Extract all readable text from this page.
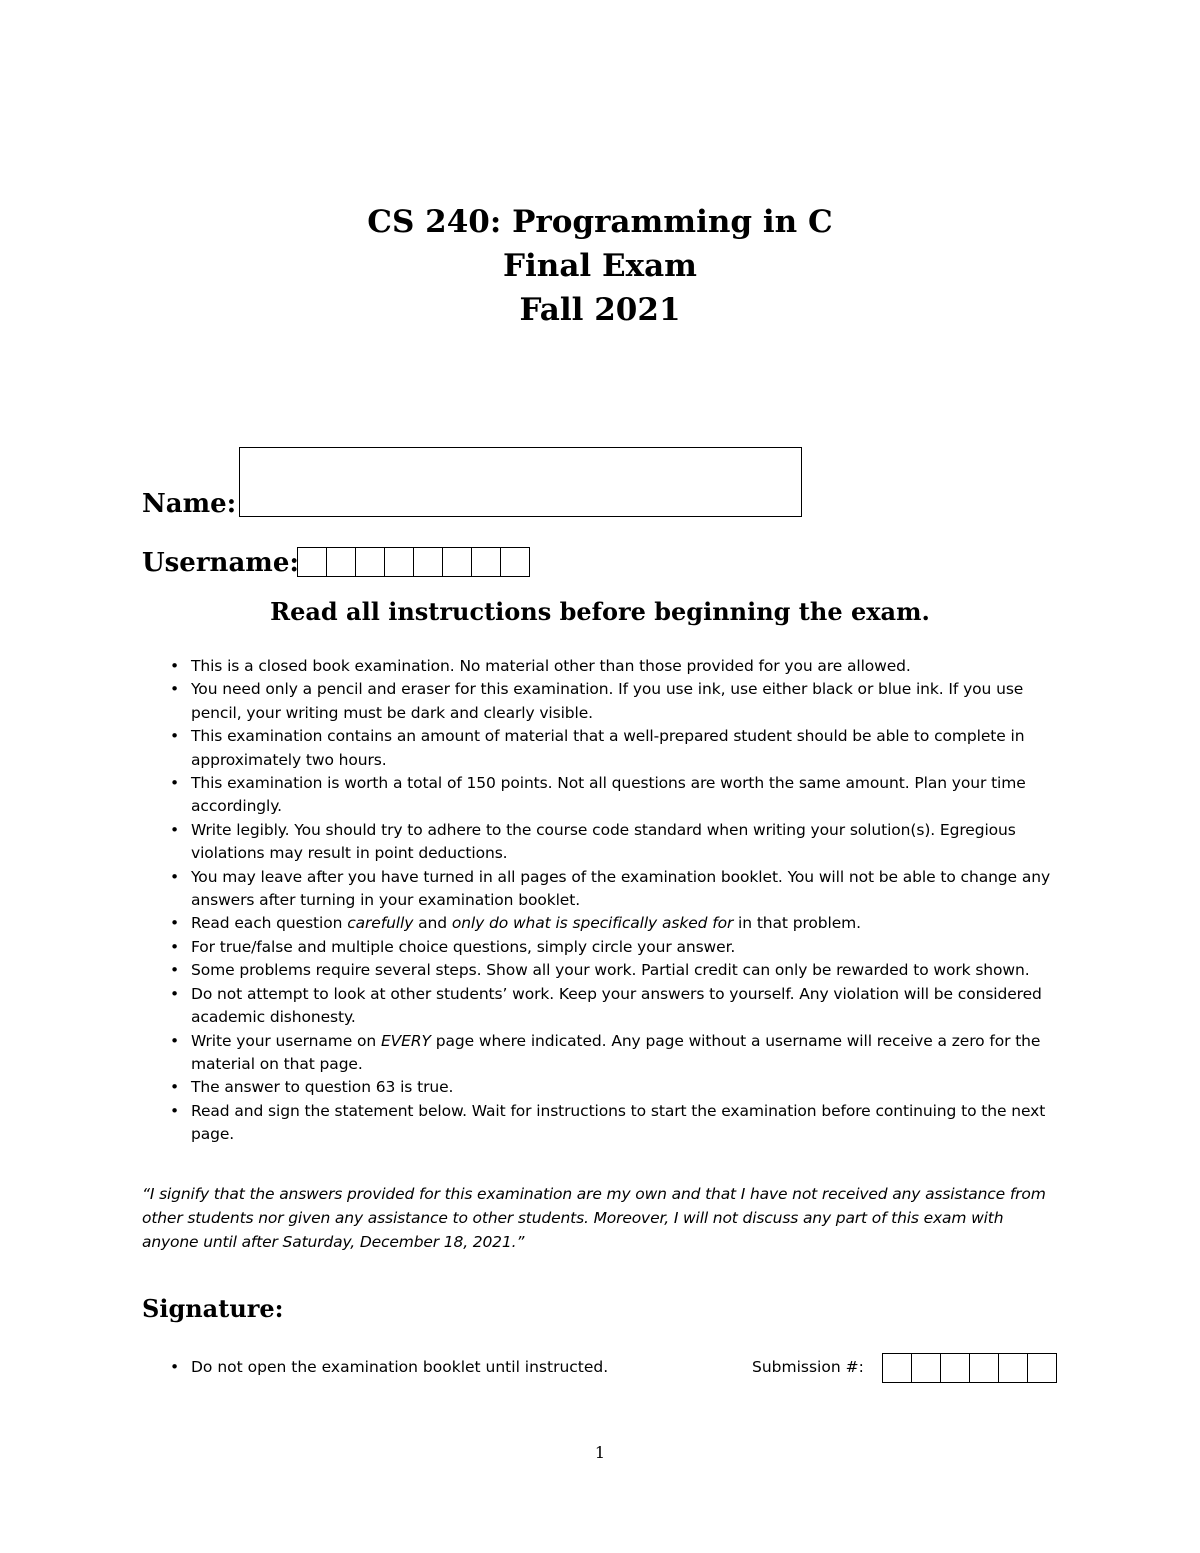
CS 240: Programming in C
Final Exam
Fall 2021
Name:
Username:
Read all instructions before beginning the exam.
• This is a closed book examination. No material other than those provided for you are allowed.
• You need only a pencil and eraser for this examination. If you use ink, use either black or blue ink. If you use pencil, your writing must be dark and clearly visible.
• This examination contains an amount of material that a well-prepared student should be able to complete in approximately two hours.
• This examination is worth a total of 150 points. Not all questions are worth the same amount. Plan your time accordingly.
• Write legibly. You should try to adhere to the course code standard when writing your solution(s). Egregious violations may result in point deductions.
• You may leave after you have turned in all pages of the examination booklet. You will not be able to change any answers after turning in your examination booklet.
• Read each question carefully and only do what is specifically asked for in that problem.
• For true/false and multiple choice questions, simply circle your answer.
• Some problems require several steps. Show all your work. Partial credit can only be rewarded to work shown.
• Do not attempt to look at other students’ work. Keep your answers to yourself. Any violation will be considered academic dishonesty.
• Write your username on EVERY page where indicated. Any page without a username will receive a zero for the material on that page.
• The answer to question 63 is true.
• Read and sign the statement below. Wait for instructions to start the examination before continuing to the next page.
“I signify that the answers provided for this examination are my own and that I have not received any assistance from other students nor given any assistance to other students. Moreover, I will not discuss any part of this exam with anyone until after Saturday, December 18, 2021.”
Signature:
• Do not open the examination booklet until instructed.	Submission #:
1
